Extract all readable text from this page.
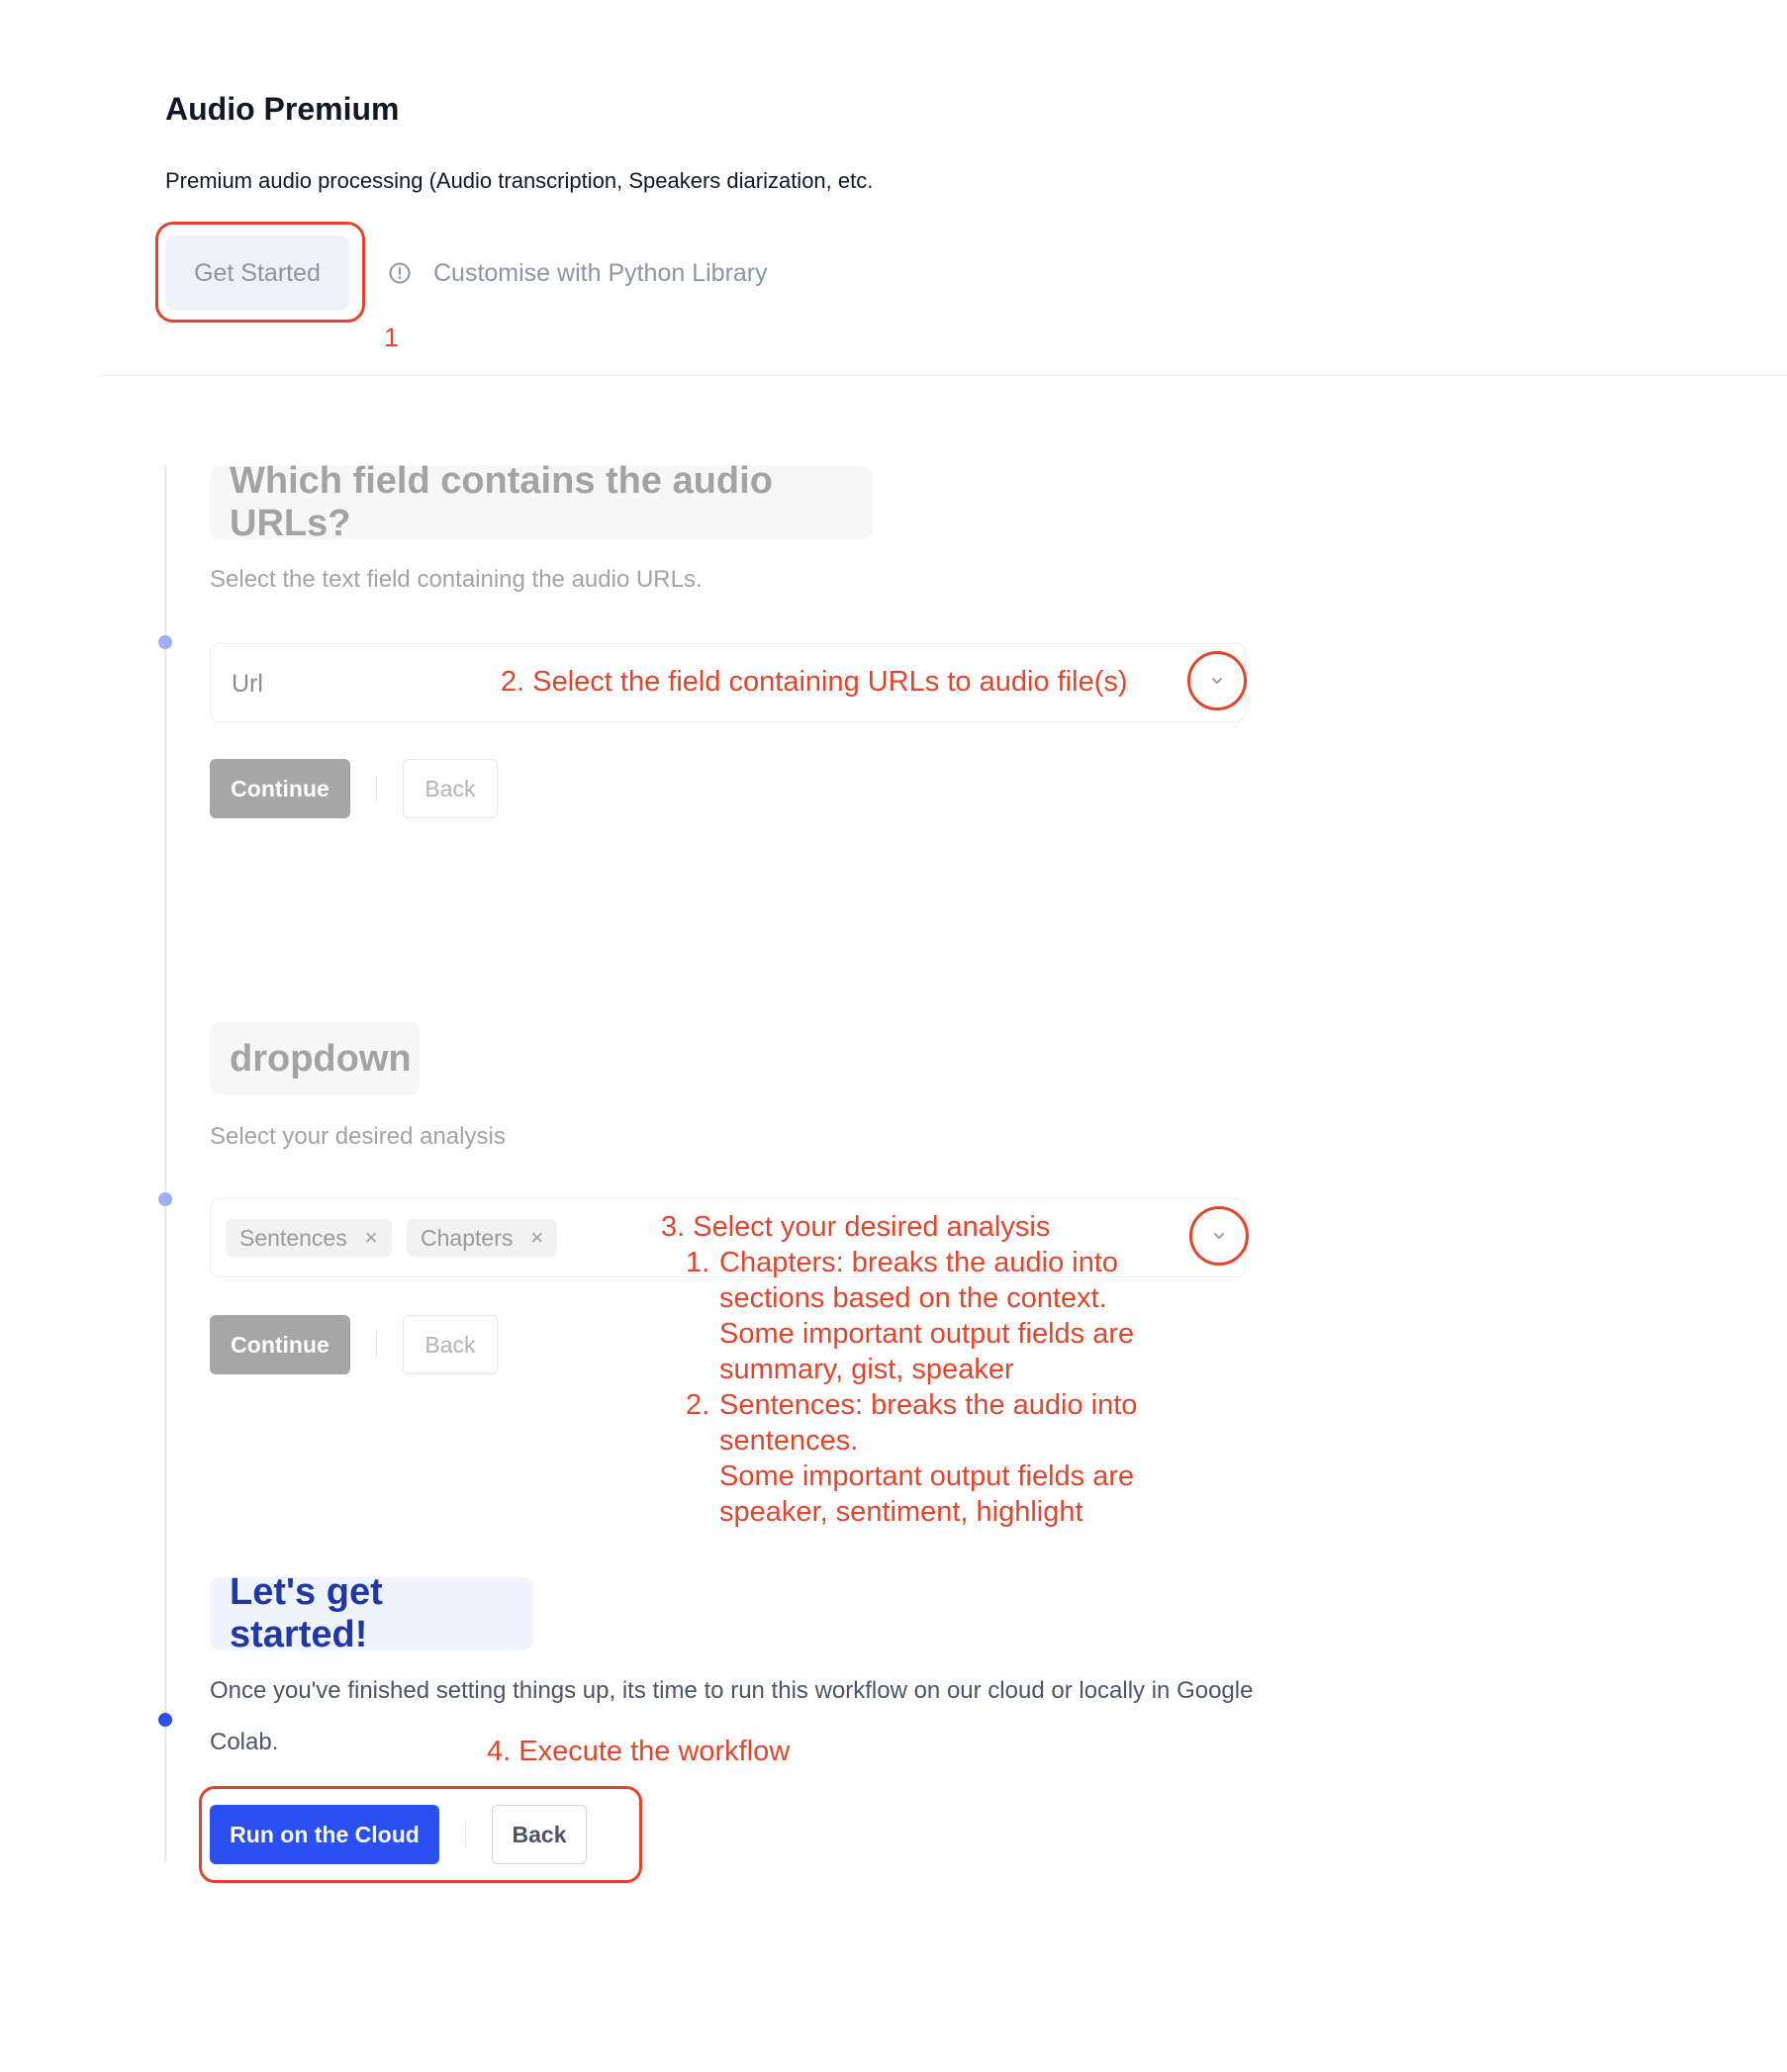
Audio Premium
Premium audio processing (Audio transcription, Speakers diarization, etc.
Get Started
1
Customise with Python Library
Which field contains the audio URLs?
Select the text field containing the audio URLs.
Url	2. Select the field containing URLs to audio file(s)
Continue	Back
dropdown
Select your desired analysis
Sentences × Chapters ×
Continue	Back
3. Select your desired analysis
1. Chapters: breaks the audio into
sections based on the context.
Some important output fields are
summary, gist, speaker
2. Sentences: breaks the audio into
sentences.
Some important output fields are
speaker, sentiment, highlight
Let's get started!
Once you've finished setting things up, its time to run this workflow on our cloud or locally in Google Colab.	4. Execute the workflow
Run on the Cloud	Back
